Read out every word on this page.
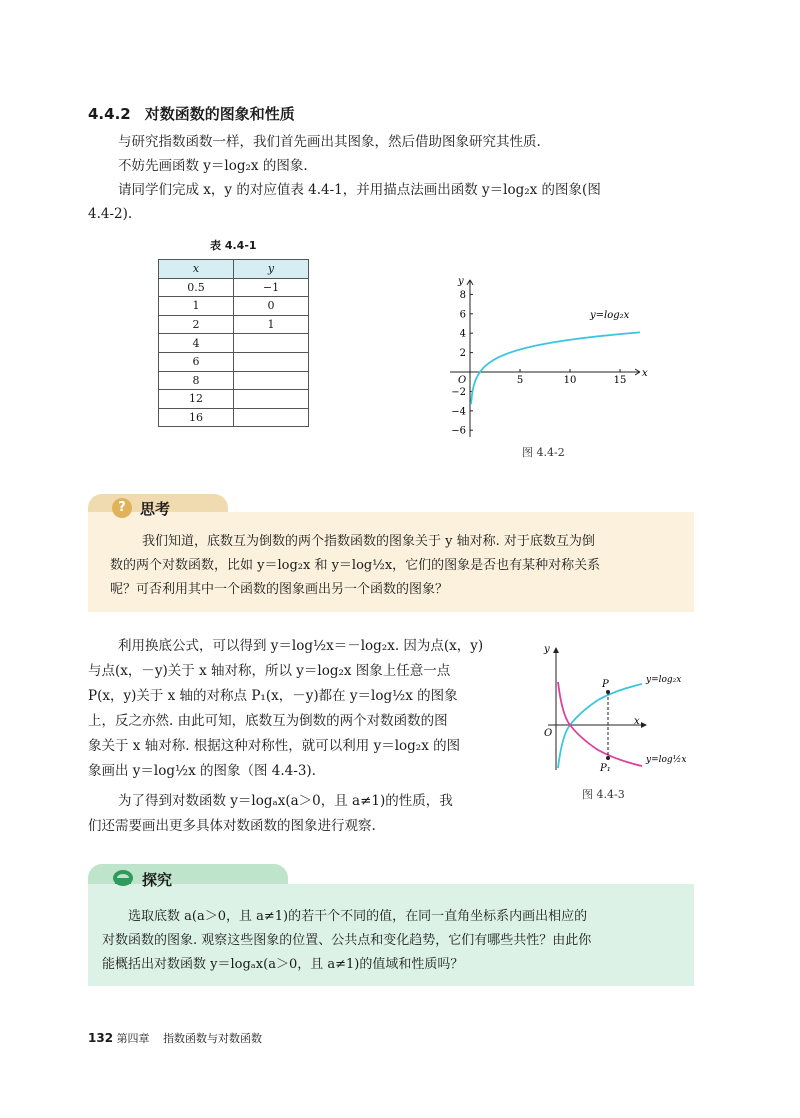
4.4.2 对数函数的图象和性质
与研究指数函数一样，我们首先画出其图象，然后借助图象研究其性质.
不妨先画函数 y＝log₂x 的图象.
请同学们完成 x，y 的对应值表 4.4-1，并用描点法画出函数 y＝log₂x 的图象(图
4.4-2).
表 4.4-1
x	y
0.5	−1
1	0
2	1
4	
6	
8	
12	
16	
5	10	15
8
6
4
2
−2
−4
−6
y=log₂x
x
y
O
图 4.4-2
? 思考
我们知道，底数互为倒数的两个指数函数的图象关于 y 轴对称. 对于底数互为倒
数的两个对数函数，比如 y＝log₂x 和 y＝log½x，它们的图象是否也有某种对称关系
呢？可否利用其中一个函数的图象画出另一个函数的图象？
利用换底公式，可以得到 y＝log½x＝－log₂x. 因为点(x，y)
与点(x，－y)关于 x 轴对称，所以 y＝log₂x 图象上任意一点
P(x，y)关于 x 轴的对称点 P₁(x，－y)都在 y＝log½x 的图象
上，反之亦然. 由此可知，底数互为倒数的两个对数函数的图
象关于 x 轴对称. 根据这种对称性，就可以利用 y＝log₂x 的图
象画出 y＝log½x 的图象（图 4.4-3).
为了得到对数函数 y＝logₐx(a＞0，且 a≠1)的性质，我
们还需要画出更多具体对数函数的图象进行观察.
P
P₁
y=log₂x
y=log½x
x
y
O
图 4.4-3
探究
选取底数 a(a＞0，且 a≠1)的若干个不同的值，在同一直角坐标系内画出相应的
对数函数的图象. 观察这些图象的位置、公共点和变化趋势，它们有哪些共性？由此你
能概括出对数函数 y＝logₐx(a＞0，且 a≠1)的值域和性质吗？
132 第四章 指数函数与对数函数
